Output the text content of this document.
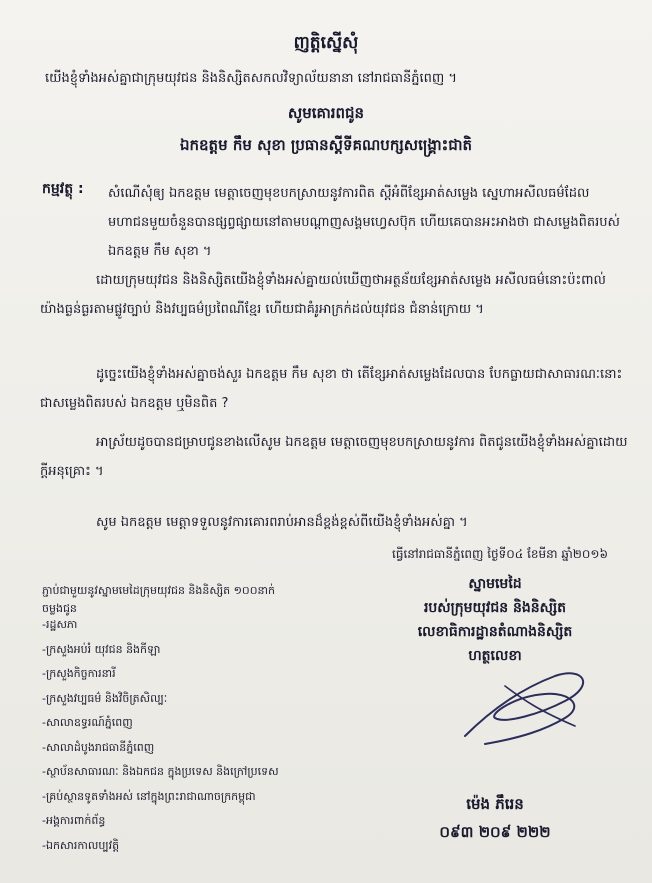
ញត្តិស្នើសុំ
យើងខ្ញុំទាំងអស់គ្នាជាក្រុមយុវជន និងនិស្សិតសកលវិទ្យាល័យនានា នៅរាជធានីភ្នំពេញ ។
សូមគោរពជូន
ឯកឧត្តម កឹម សុខា ប្រធានស្ដីទីគណបក្សសង្គ្រោះជាតិ
កម្មវត្ថុ : សំណើសុំឲ្យ ឯកឧត្តម មេត្តាចេញមុខបកស្រាយនូវការពិត ស្ដីអំពីខ្សែអាត់សម្លេង ស្នេហាអសីលធម៌ដែលមហាជនមួយចំនួនបានផ្សព្វផ្សាយនៅតាមបណ្ដាញសង្គមហ្វេសប៊ុក ហើយគេបានអះអាងថា ជាសម្លេងពិតរបស់ ឯកឧត្តម កឹម សុខា ។
ដោយក្រុមយុវជន និងនិស្សិតយើងខ្ញុំទាំងអស់គ្នាយល់ឃើញថាអត្ថន័យខ្សែអាត់សម្លេង អសីលធម៌នោះប៉ះពាល់យ៉ាងធ្ងន់ធ្ងរតាមផ្លូវច្បាប់ និងវប្បធម៌ប្រពៃណីខ្មែរ ហើយជាគំរូអាក្រក់ដល់យុវជន ជំនាន់ក្រោយ ។
ដូច្នេះយើងខ្ញុំទាំងអស់គ្នាចង់សួរ ឯកឧត្តម កឹម សុខា ថា តើខ្សែអាត់សម្លេងដែលបាន បែកធ្លាយជាសាធារណៈនោះជាសម្លេងពិតរបស់ ឯកឧត្តម ឬមិនពិត ?
អាស្រ័យដូចបានជម្រាបជូនខាងលើសូម ឯកឧត្តម មេត្តាចេញមុខបកស្រាយនូវការ ពិតជូនយើងខ្ញុំទាំងអស់គ្នាដោយក្ដីអនុគ្រោះ ។
សូម ឯកឧត្តម មេត្តាទទួលនូវការគោរពរាប់អានដ៏ខ្ពង់ខ្ពស់ពីយើងខ្ញុំទាំងអស់គ្នា ។
ធ្វើនៅរាជធានីភ្នំពេញ ថ្ងៃទី០៤ ខែមីនា ឆ្នាំ២០១៦
ស្នាមមេដៃ
របស់ក្រុមយុវជន និងនិស្សិត
លេខាធិការដ្ឋានតំណាងនិស្សិត
ហត្ថលេខា
ម៉េង ភឹរេន
០៩៣ ២០៩ ២២២
ភ្ជាប់ជាមួយនូវស្នាមមេដៃក្រុមយុវជន និងនិស្សិត ១០០នាក់
ចម្លងជូន
-រដ្ឋសភា
-ក្រសួងអប់រំ យុវជន និងកីឡា
-ក្រសួងកិច្ចការនារី
-ក្រសួងវប្បធម៌ និងវិចិត្រសិល្បៈ
-សាលាឧទ្ធរណ៍ភ្នំពេញ
-សាលាដំបូងរាជធានីភ្នំពេញ
-ស្ថាប័នសាធារណៈ និងឯកជន ក្នុងប្រទេស និងក្រៅប្រទេស
-គ្រប់ស្ថានទូតទាំងអស់ នៅក្នុងព្រះរាជាណាចក្រកម្ពុជា
-អង្គការពាក់ព័ន្ធ
-ឯកសារកាលប្បវត្តិ
